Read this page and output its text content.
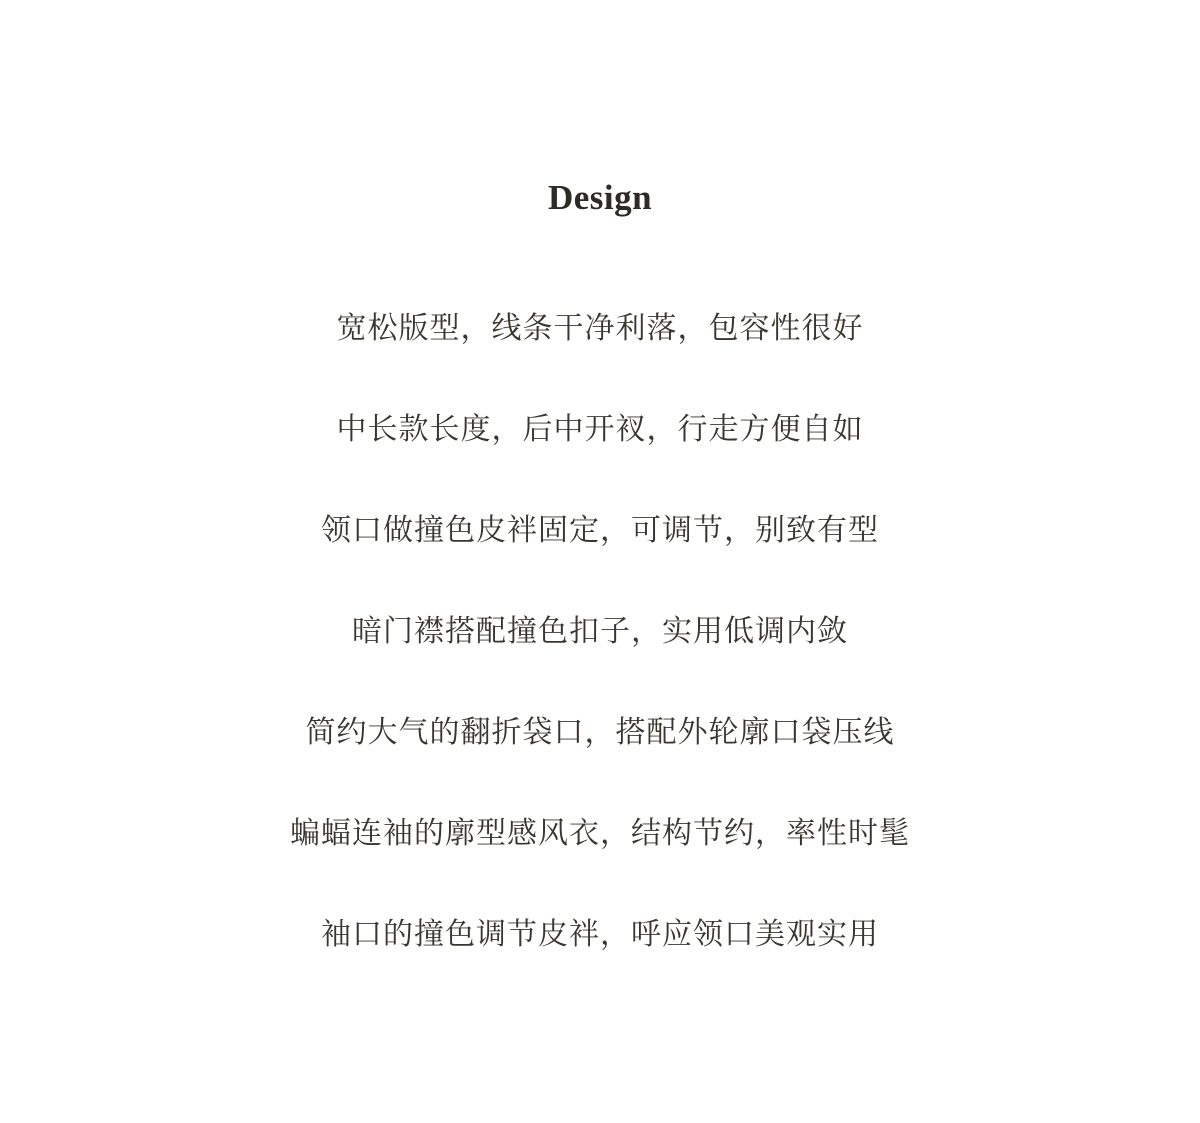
Design
宽松版型，线条干净利落，包容性很好
中长款长度，后中开衩，行走方便自如
领口做撞色皮袢固定，可调节，别致有型
暗门襟搭配撞色扣子，实用低调内敛
简约大气的翻折袋口，搭配外轮廓口袋压线
蝙蝠连袖的廓型感风衣，结构节约，率性时髦
袖口的撞色调节皮袢，呼应领口美观实用
